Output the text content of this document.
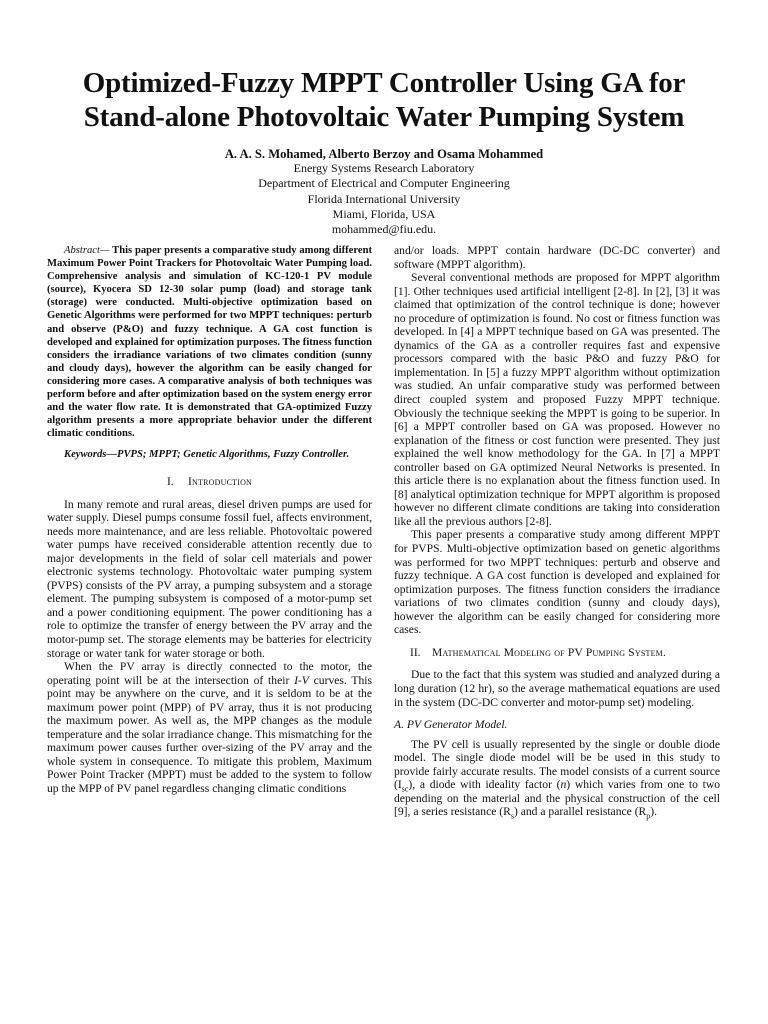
Optimized-Fuzzy MPPT Controller Using GA for
Stand-alone Photovoltaic Water Pumping System

A. A. S. Mohamed, Alberto Berzoy and Osama Mohammed

Energy Systems Research Laboratory
Department of Electrical and Computer Engineering
Florida International University
Miami, Florida, USA
mohammed@fiu.edu.

Abstract— This paper presents a comparative study among different Maximum Power Point Trackers for Photovoltaic Water Pumping load. Comprehensive analysis and simulation of KC-120-1 PV module (source), Kyocera SD 12-30 solar pump (load) and storage tank (storage) were conducted. Multi-objective optimization based on Genetic Algorithms were performed for two MPPT techniques: perturb and observe (P&O) and fuzzy technique. A GA cost function is developed and explained for optimization purposes. The fitness function considers the irradiance variations of two climates condition (sunny and cloudy days), however the algorithm can be easily changed for considering more cases. A comparative analysis of both techniques was perform before and after optimization based on the system energy error and the water flow rate. It is demonstrated that GA-optimized Fuzzy algorithm presents a more appropriate behavior under the different climatic conditions.

Keywords—PVPS; MPPT; Genetic Algorithms, Fuzzy Controller.

I. Introduction

In many remote and rural areas, diesel driven pumps are used for water supply. Diesel pumps consume fossil fuel, affects environment, needs more maintenance, and are less reliable. Photovoltaic powered water pumps have received considerable attention recently due to major developments in the field of solar cell materials and power electronic systems technology. Photovoltaic water pumping system (PVPS) consists of the PV array, a pumping subsystem and a storage element. The pumping subsystem is composed of a motor-pump set and a power conditioning equipment. The power conditioning has a role to optimize the transfer of energy between the PV array and the motor-pump set. The storage elements may be batteries for electricity storage or water tank for water storage or both.

When the PV array is directly connected to the motor, the operating point will be at the intersection of their I-V curves. This point may be anywhere on the curve, and it is seldom to be at the maximum power point (MPP) of PV array, thus it is not producing the maximum power. As well as, the MPP changes as the module temperature and the solar irradiance change. This mismatching for the maximum power causes further over-sizing of the PV array and the whole system in consequence. To mitigate this problem, Maximum Power Point Tracker (MPPT) must be added to the system to follow up the MPP of PV panel regardless changing climatic conditions

and/or loads. MPPT contain hardware (DC-DC converter) and software (MPPT algorithm).

Several conventional methods are proposed for MPPT algorithm [1]. Other techniques used artificial intelligent [2-8]. In [2], [3] it was claimed that optimization of the control technique is done; however no procedure of optimization is found. No cost or fitness function was developed. In [4] a MPPT technique based on GA was presented. The dynamics of the GA as a controller requires fast and expensive processors compared with the basic P&O and fuzzy P&O for implementation. In [5] a fuzzy MPPT algorithm without optimization was studied. An unfair comparative study was performed between direct coupled system and proposed Fuzzy MPPT technique. Obviously the technique seeking the MPPT is going to be superior. In [6] a MPPT controller based on GA was proposed. However no explanation of the fitness or cost function were presented. They just explained the well know methodology for the GA. In [7] a MPPT controller based on GA optimized Neural Networks is presented. In this article there is no explanation about the fitness function used. In [8] analytical optimization technique for MPPT algorithm is proposed however no different climate conditions are taking into consideration like all the previous authors [2-8].

This paper presents a comparative study among different MPPT for PVPS. Multi-objective optimization based on genetic algorithms was performed for two MPPT techniques: perturb and observe and fuzzy technique. A GA cost function is developed and explained for optimization purposes. The fitness function considers the irradiance variations of two climates condition (sunny and cloudy days), however the algorithm can be easily changed for considering more cases.

II. Mathematical Modeling of PV Pumping System.

Due to the fact that this system was studied and analyzed during a long duration (12 hr), so the average mathematical equations are used in the system (DC-DC converter and motor-pump set) modeling.

A. PV Generator Model.

The PV cell is usually represented by the single or double diode model. The single diode model will be be used in this study to provide fairly accurate results. The model consists of a current source $(I_{sc})$, a diode with ideality factor (n) which varies from one to two depending on the material and the physical construction of the cell [9], a series resistance $(R_s)$ and a parallel resistance $(R_p)$.
